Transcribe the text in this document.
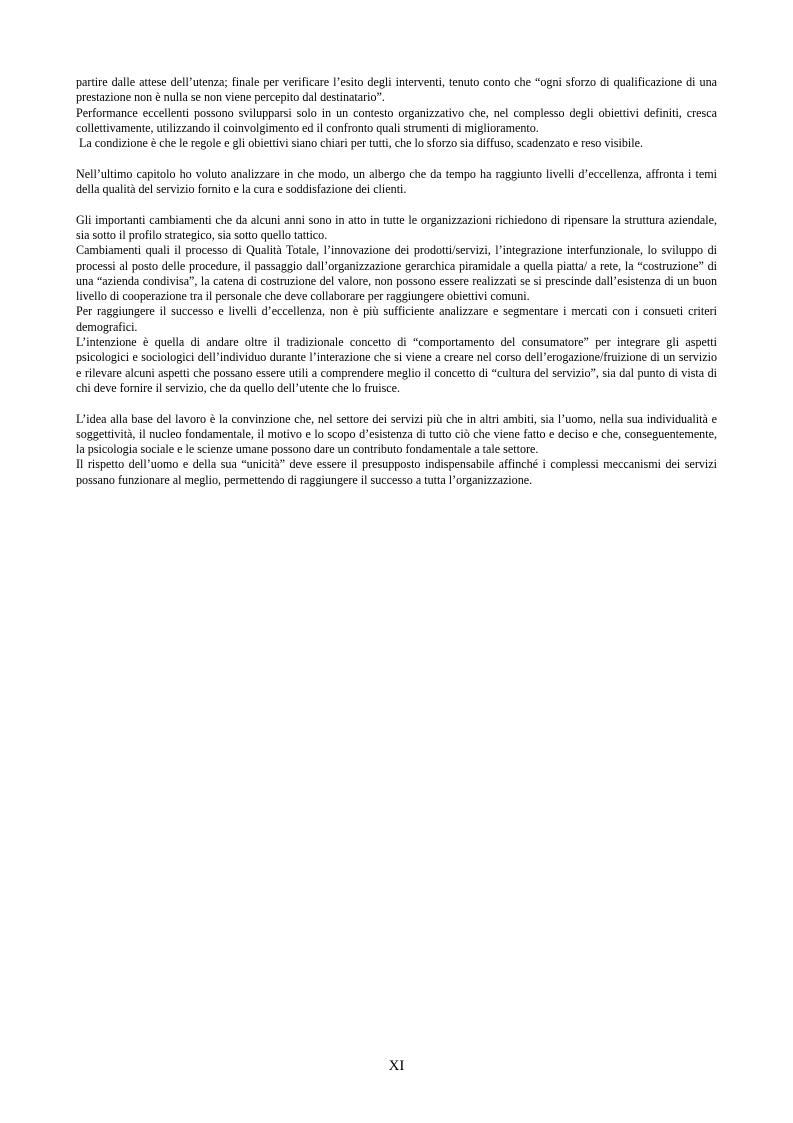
partire dalle attese dell’utenza; finale per verificare l’esito degli interventi, tenuto conto che “ogni sforzo di qualificazione di una prestazione non è nulla se non viene percepito dal destinatario”.

Performance eccellenti possono svilupparsi solo in un contesto organizzativo che, nel complesso degli obiettivi definiti, cresca collettivamente, utilizzando il coinvolgimento ed il confronto quali strumenti di miglioramento.

La condizione è che le regole e gli obiettivi siano chiari per tutti, che lo sforzo sia diffuso, scadenzato e reso visibile.

Nell’ultimo capitolo ho voluto analizzare in che modo, un albergo che da tempo ha raggiunto livelli d’eccellenza, affronta i temi della qualità del servizio fornito e la cura e soddisfazione dei clienti.

Gli importanti cambiamenti che da alcuni anni sono in atto in tutte le organizzazioni richiedono di ripensare la struttura aziendale, sia sotto il profilo strategico, sia sotto quello tattico.

Cambiamenti quali il processo di Qualità Totale, l’innovazione dei prodotti/servizi, l’integrazione interfunzionale, lo sviluppo di processi al posto delle procedure, il passaggio dall’organizzazione gerarchica piramidale a quella piatta/ a rete, la “costruzione” di una “azienda condivisa”, la catena di costruzione del valore, non possono essere realizzati se si prescinde dall’esistenza di un buon livello di cooperazione tra il personale che deve collaborare per raggiungere obiettivi comuni.

Per raggiungere il successo e livelli d’eccellenza, non è più sufficiente analizzare e segmentare i mercati con i consueti criteri demografici.

L’intenzione è quella di andare oltre il tradizionale concetto di “comportamento del consumatore” per integrare gli aspetti psicologici e sociologici dell’individuo durante l’interazione che si viene a creare nel corso dell’erogazione/fruizione di un servizio e rilevare alcuni aspetti che possano essere utili a comprendere meglio il concetto di “cultura del servizio”, sia dal punto di vista di chi deve fornire il servizio, che da quello dell’utente che lo fruisce.

L’idea alla base del lavoro è la convinzione che, nel settore dei servizi più che in altri ambiti, sia l’uomo, nella sua individualità e soggettività, il nucleo fondamentale, il motivo e lo scopo d’esistenza di tutto ciò che viene fatto e deciso e che, conseguentemente, la psicologia sociale e le scienze umane possono dare un contributo fondamentale a tale settore.

Il rispetto dell’uomo e della sua “unicità” deve essere il presupposto indispensabile affinché i complessi meccanismi dei servizi possano funzionare al meglio, permettendo di raggiungere il successo a tutta l’organizzazione.

XI
